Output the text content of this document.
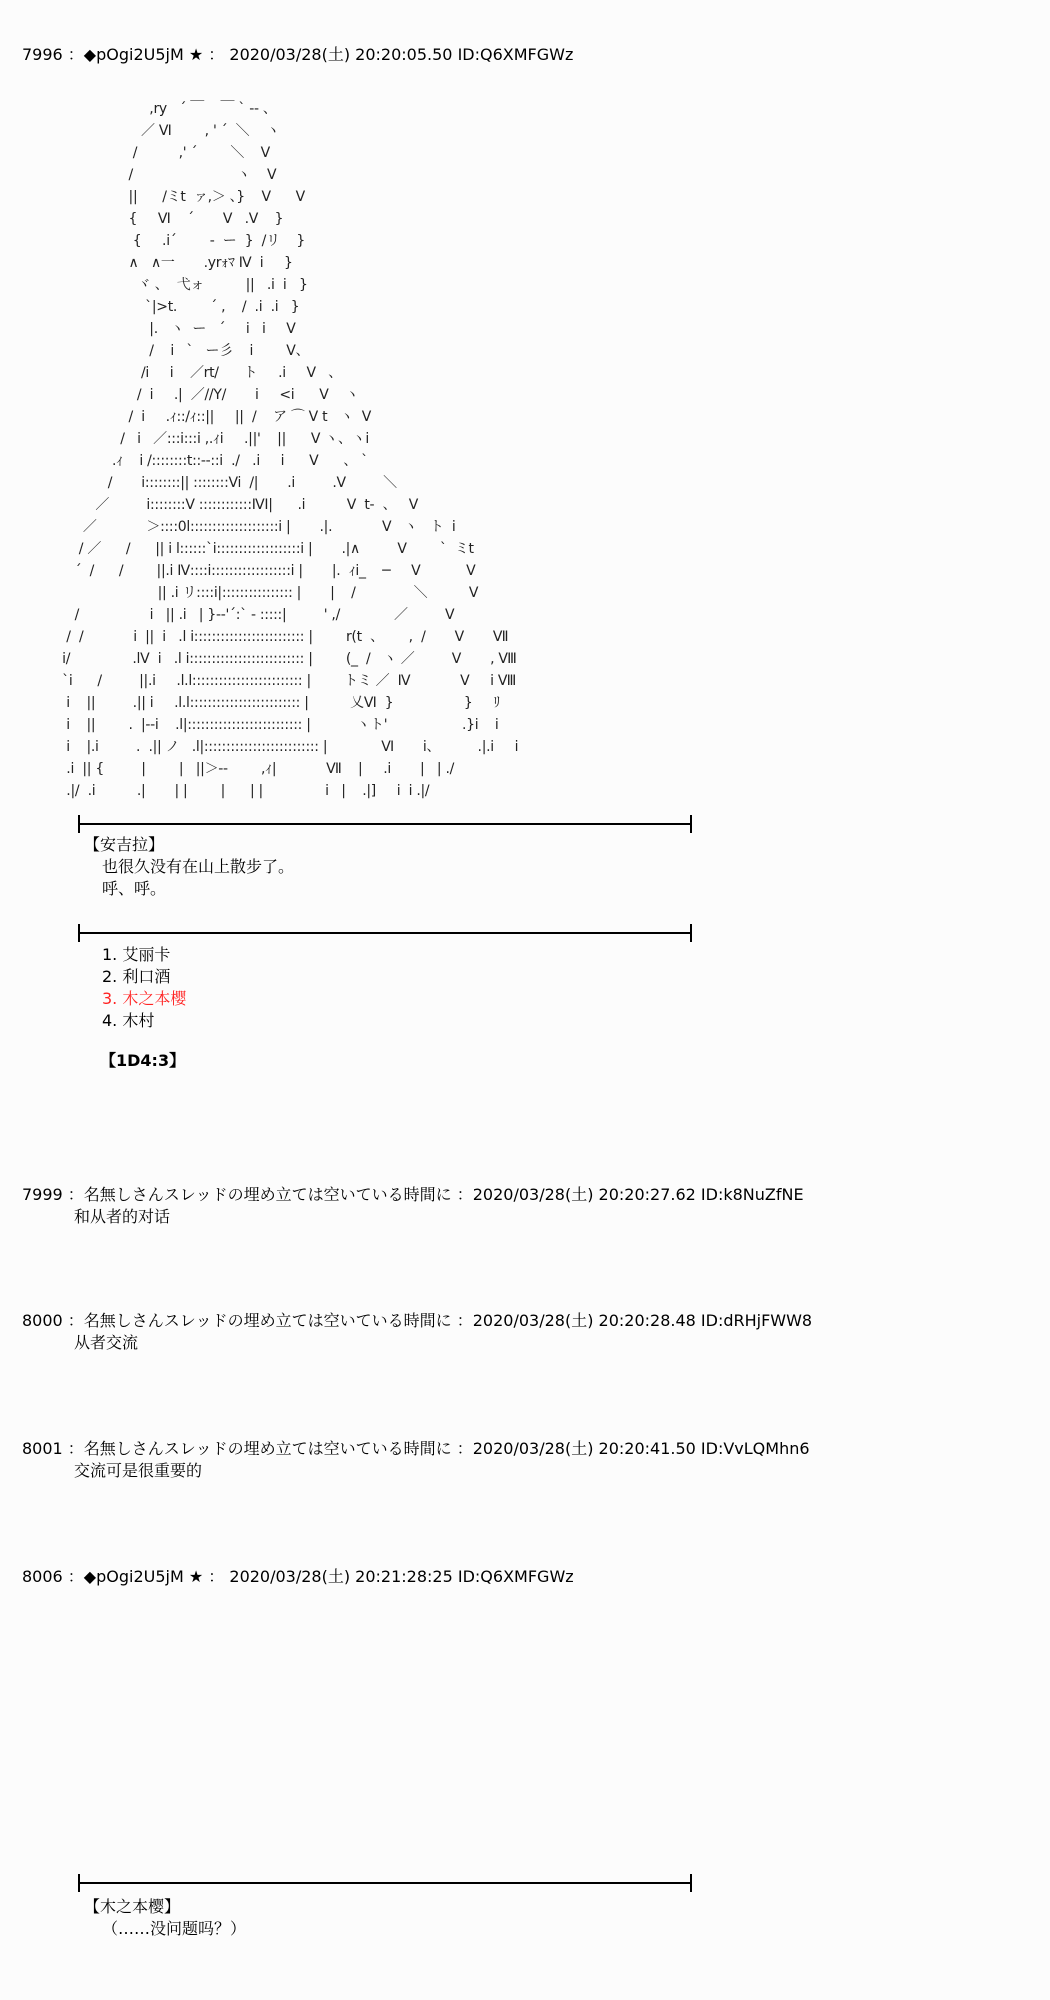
7996 ：◆pOgi2U5jM ★ ： 2020/03/28(土) 20:20:05.50 ID:Q6XMFGWz
,ry   ´ ￣    ￣ ` ‐- 、
／ Ⅵ        , ' ´  ＼    ヽ
/          ,' ´        ＼    V
/                         ヽ    V
||      /ミt  ァ,＞ 、}    V      V
{     Ⅵ    ´       V   .V    }
{     .i´        -  ー  }  /リ    }
∧   ∧一       .yrｫﾏ Ⅳ  i     }
ヾ 、  弋ォ          ||   .i  i   }
`|>t.        ´ ,    /  .i  .i   }
|.   ヽ  ー   ´     i   i     V
/    i   `   ー彡    i        V、
/i     i    ／rt/      ト     .i     V   、
/  i     .|  ／//Y/       i     <i      V    ヽ
/  i     .ｨ::/ｨ::||     ||  /    ア ⌒ V t   ヽ  V
/   i   ／:::i:::i ,.ｨi     .||'    ||      V ヽ、ヽi
.ｨ    i /::::::::t::‐‐::i  ./   .i     i      V      、 `
/       i::::::::|| ::::::::Vi  /|       .i         .V         ＼
／         i::::::::V ::::::::::::ⅣI|      .i          V  t‐  、   V
／            ＞::::0l::::::::::::::::::::i |       .|.            V   ヽ   ト  i
/ ／      /      || i l::::::`i:::::::::::::::::::i |       .|∧         V        `  ミt
´  /      /        ||.i Ⅳ::::i::::::::::::::::::i |       |.  ｨi_    ─     V           V
|| .i リ::::i|:::::::::::::::: |       |    /              ＼          V
/                 i   || .i   | }‐‐'´:` ‐ :::::|         ' ,/             ／         V
/  /            i  ||  i   .l i::::::::::::::::::::::::: |        r(t  、      ,  /       V       Ⅶ
i/               .lV  i   .l i:::::::::::::::::::::::::: |        (_  /   ヽ ／         V       , Ⅷ
`i      /         ||.i     .l.l::::::::::::::::::::::::: |        トミ ／  Ⅳ            V     i Ⅷ
i    ||         .|| i     .l.l::::::::::::::::::::::::: |          乂Ⅵ  }                 }     ﾘ
i    ||        .  |‐-i    .l|:::::::::::::::::::::::::: |           ヽト'                  .}i    i
i    |.i         .  .|| ノ   .l|:::::::::::::::::::::::::: |             Ⅵ       i、         .|.i     i
.i  || {         |        |   ||＞‐‐        ,ｨ|            Ⅶ    |     .i       |   | ./
.|/  .i          .|       | |        |      | |               i   |    .|]     i  i .|/
【安吉拉】
也很久没有在山上散步了。
呼、呼。
1. 艾丽卡
2. 利口酒
3. 木之本樱
4. 木村
【1D4:3】
7999 ：名無しさんスレッドの埋め立ては空いている時間に ：2020/03/28(土) 20:20:27.62 ID:k8NuZfNE
和从者的对话
8000 ：名無しさんスレッドの埋め立ては空いている時間に ：2020/03/28(土) 20:20:28.48 ID:dRHjFWW8
从者交流
8001 ：名無しさんスレッドの埋め立ては空いている時間に ：2020/03/28(土) 20:20:41.50 ID:VvLQMhn6
交流可是很重要的
8006 ：◆pOgi2U5jM ★ ： 2020/03/28(土) 20:21:28:25 ID:Q6XMFGWz
【木之本樱】
（……没问题吗？）
